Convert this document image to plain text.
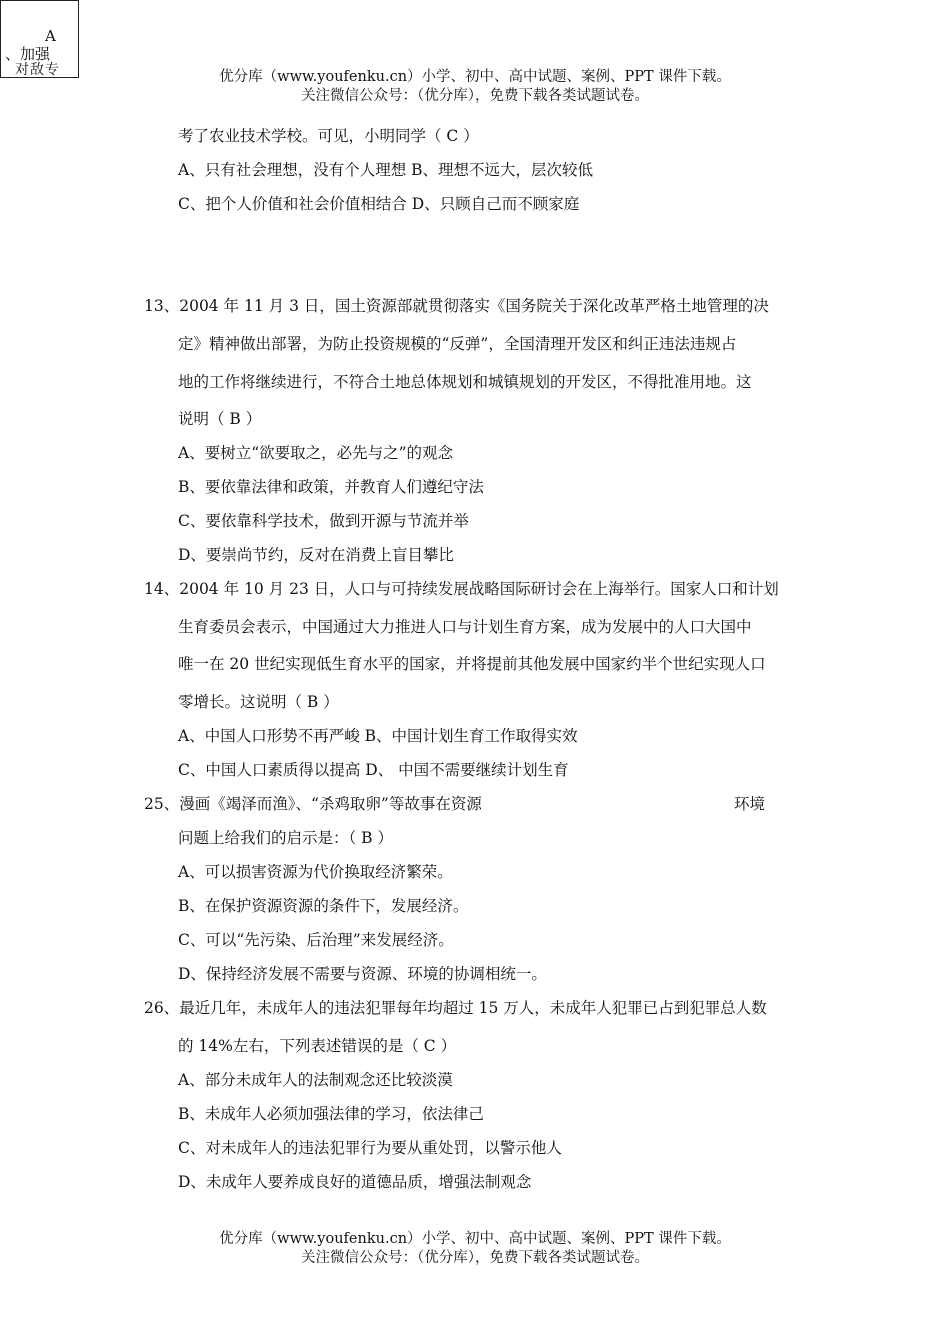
A
、加强
对敌专	优分库（www.youfenku.cn）小学、初中、高中试题、案例、PPT 课件下载。
关注微信公众号：（优分库），免费下载各类试题试卷。
考了农业技术学校。可见，小明同学（ C ）
A、只有社会理想，没有个人理想 B、理想不远大，层次较低
C、把个人价值和社会价值相结合 D、只顾自己而不顾家庭
13、2004 年 11 月 3 日，国土资源部就贯彻落实《国务院关于深化改革严格土地管理的决
定》精神做出部署，为防止投资规模的“反弹”，全国清理开发区和纠正违法违规占
地的工作将继续进行，不符合土地总体规划和城镇规划的开发区，不得批准用地。这
说明（ B ）
A、要树立“欲要取之，必先与之”的观念
B、要依靠法律和政策，并教育人们遵纪守法
C、要依靠科学技术，做到开源与节流并举
D、要崇尚节约，反对在消费上盲目攀比
14、2004 年 10 月 23 日，人口与可持续发展战略国际研讨会在上海举行。国家人口和计划
生育委员会表示，中国通过大力推进人口与计划生育方案，成为发展中的人口大国中
唯一在 20 世纪实现低生育水平的国家，并将提前其他发展中国家约半个世纪实现人口
零增长。这说明（ B ）
A、中国人口形势不再严峻 B、中国计划生育工作取得实效
C、中国人口素质得以提高 D、 中国不需要继续计划生育
25、漫画《竭泽而渔》、“杀鸡取卵”等故事在资源	环境
问题上给我们的启示是：（ B ）
A、可以损害资源为代价换取经济繁荣。
B、在保护资源资源的条件下，发展经济。
C、可以“先污染、后治理”来发展经济。
D、保持经济发展不需要与资源、环境的协调相统一。
26、最近几年，未成年人的违法犯罪每年均超过 15 万人，未成年人犯罪已占到犯罪总人数
的 14%左右，下列表述错误的是（ C ）
A、部分未成年人的法制观念还比较淡漠
B、未成年人必须加强法律的学习，依法律己
C、对未成年人的违法犯罪行为要从重处罚，以警示他人
D、未成年人要养成良好的道德品质，增强法制观念
优分库（www.youfenku.cn）小学、初中、高中试题、案例、PPT 课件下载。
关注微信公众号：（优分库），免费下载各类试题试卷。
